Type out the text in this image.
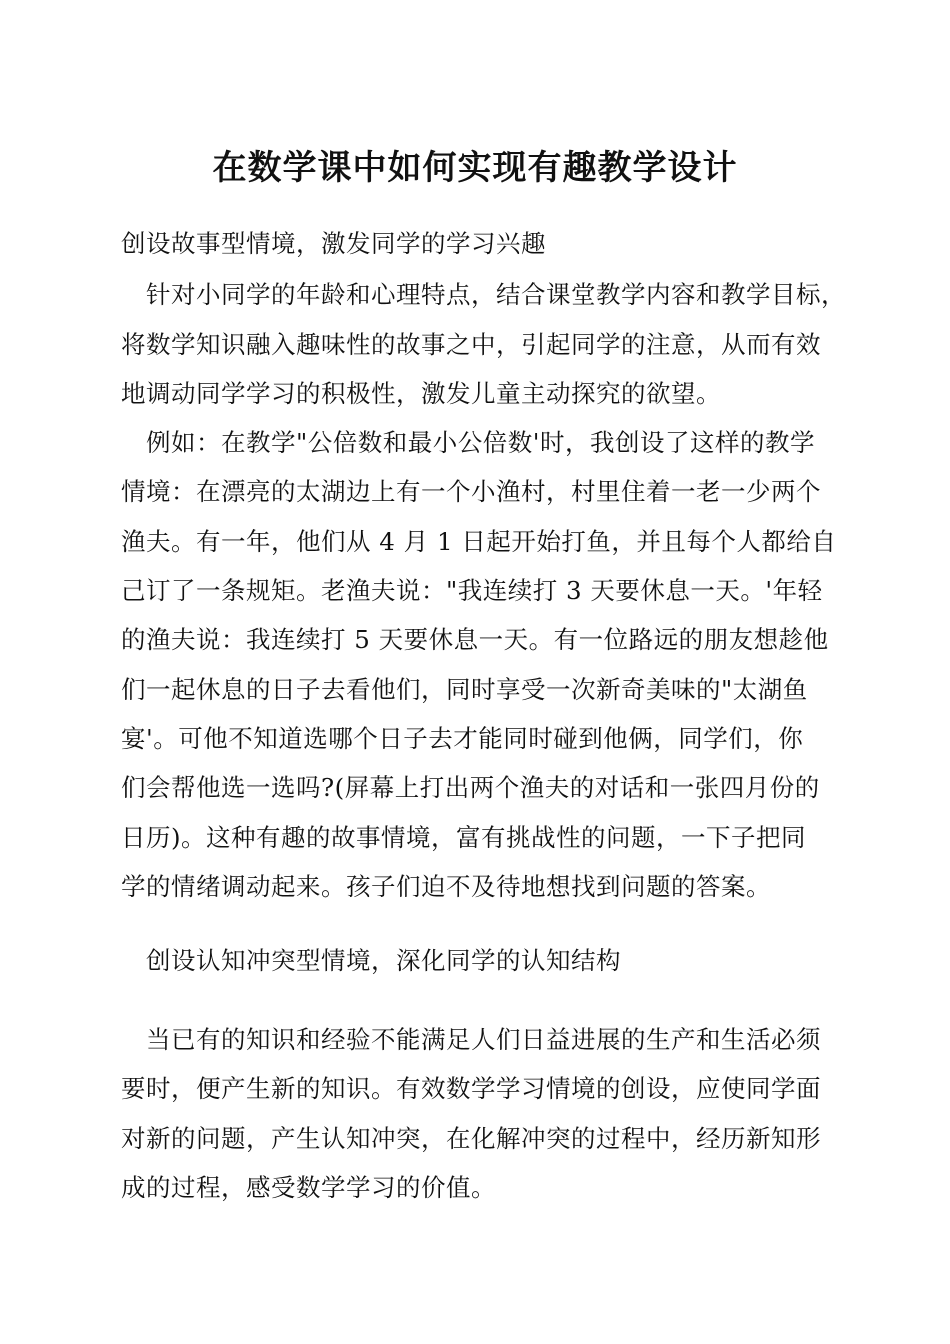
在数学课中如何实现有趣教学设计
创设故事型情境，激发同学的学习兴趣
针对小同学的年龄和心理特点，结合课堂教学内容和教学目标，
将数学知识融入趣味性的故事之中，引起同学的注意，从而有效
地调动同学学习的积极性，激发儿童主动探究的欲望。
例如：在教学"公倍数和最小公倍数'时，我创设了这样的教学
情境：在漂亮的太湖边上有一个小渔村，村里住着一老一少两个
渔夫。有一年，他们从 4 月 1 日起开始打鱼，并且每个人都给自
己订了一条规矩。老渔夫说："我连续打 3 天要休息一天。'年轻
的渔夫说：我连续打 5 天要休息一天。有一位路远的朋友想趁他
们一起休息的日子去看他们，同时享受一次新奇美味的"太湖鱼
宴'。可他不知道选哪个日子去才能同时碰到他俩，同学们，你
们会帮他选一选吗?(屏幕上打出两个渔夫的对话和一张四月份的
日历)。这种有趣的故事情境，富有挑战性的问题，一下子把同
学的情绪调动起来。孩子们迫不及待地想找到问题的答案。
创设认知冲突型情境，深化同学的认知结构
当已有的知识和经验不能满足人们日益进展的生产和生活必须
要时，便产生新的知识。有效数学学习情境的创设，应使同学面
对新的问题，产生认知冲突，在化解冲突的过程中，经历新知形
成的过程，感受数学学习的价值。
